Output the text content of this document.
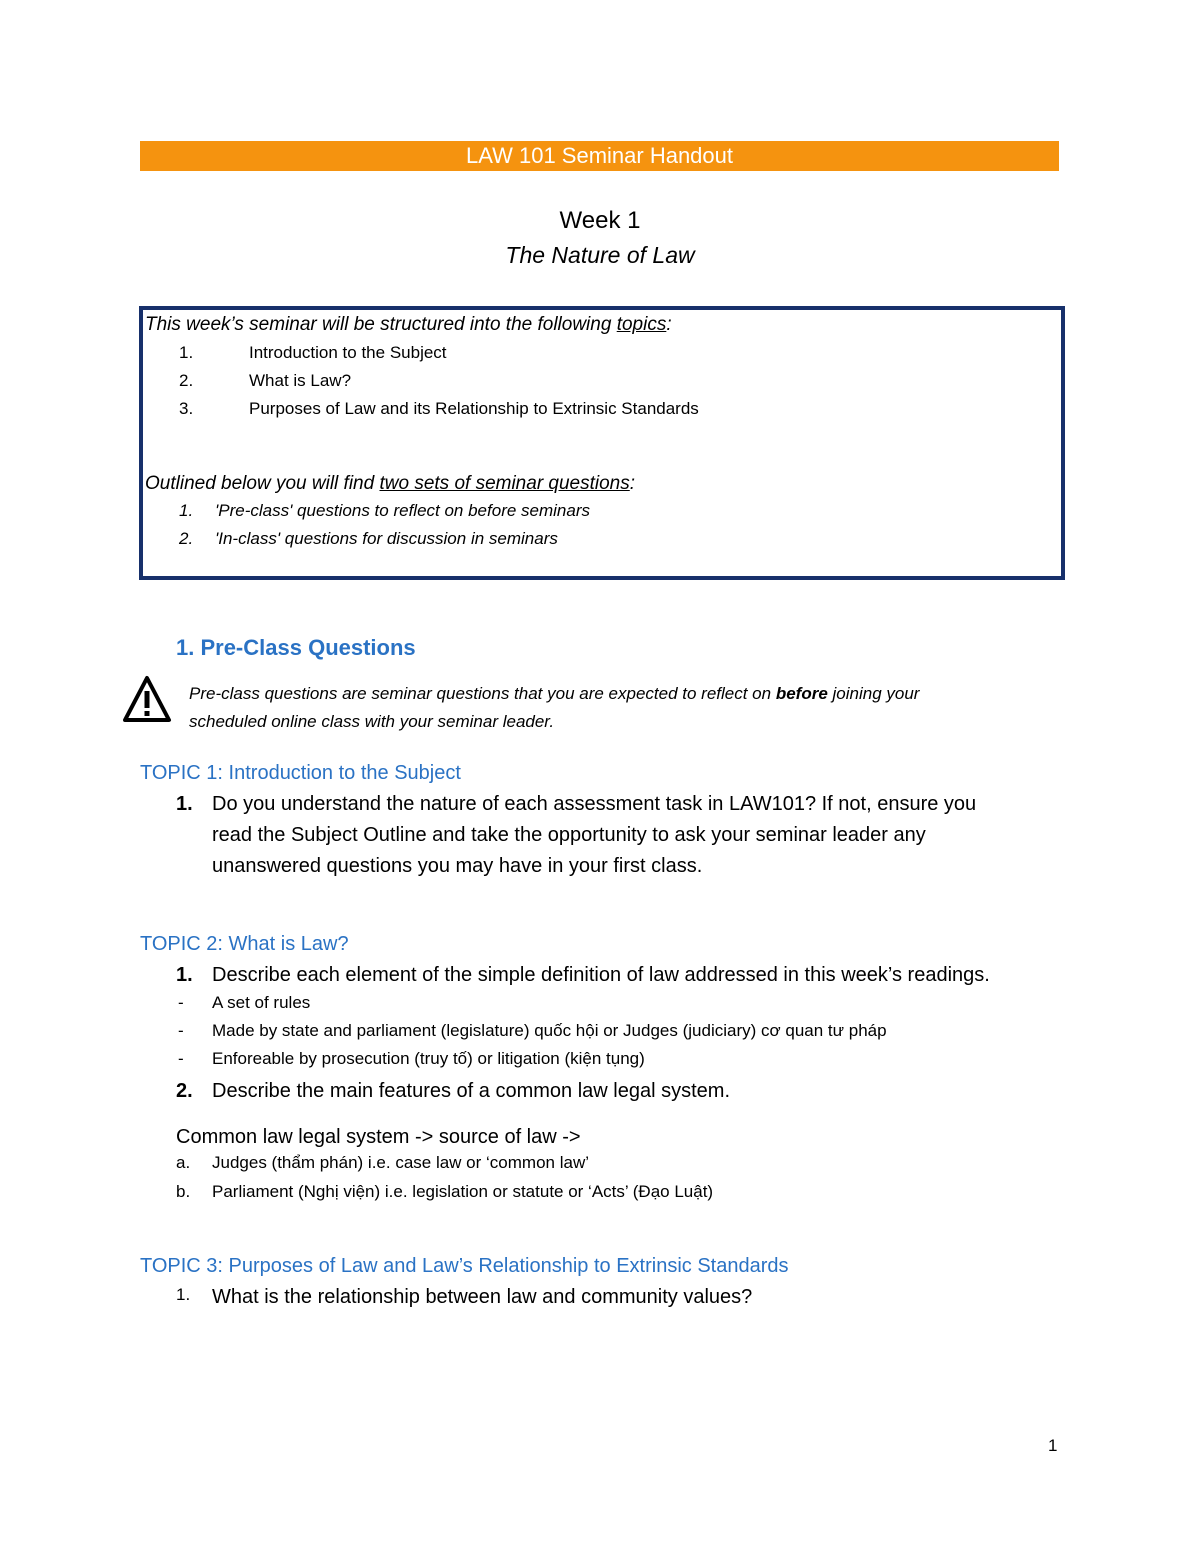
LAW 101 Seminar Handout
Week 1
The Nature of Law
This week’s seminar will be structured into the following topics:
1.	Introduction to the Subject
2.	What is Law?
3.	Purposes of Law and its Relationship to Extrinsic Standards
Outlined below you will find two sets of seminar questions:
1. 'Pre-class' questions to reflect on before seminars
2. 'In-class' questions for discussion in seminars
1. Pre-Class Questions
Pre-class questions are seminar questions that you are expected to reflect on before joining your
scheduled online class with your seminar leader.
TOPIC 1: Introduction to the Subject
1. Do you understand the nature of each assessment task in LAW101? If not, ensure you
read the Subject Outline and take the opportunity to ask your seminar leader any
unanswered questions you may have in your first class.
TOPIC 2: What is Law?
1. Describe each element of the simple definition of law addressed in this week’s readings.
- A set of rules
- Made by state and parliament (legislature) quốc hội or Judges (judiciary) cơ quan tư pháp
- Enforeable by prosecution (truy tố) or litigation (kiện tụng)
2. Describe the main features of a common law legal system.
Common law legal system -> source of law ->
a. Judges (thẩm phán) i.e. case law or ‘common law’
b. Parliament (Nghị viện) i.e. legislation or statute or ‘Acts’ (Đạo Luật)
TOPIC 3: Purposes of Law and Law’s Relationship to Extrinsic Standards
1. What is the relationship between law and community values?
1
